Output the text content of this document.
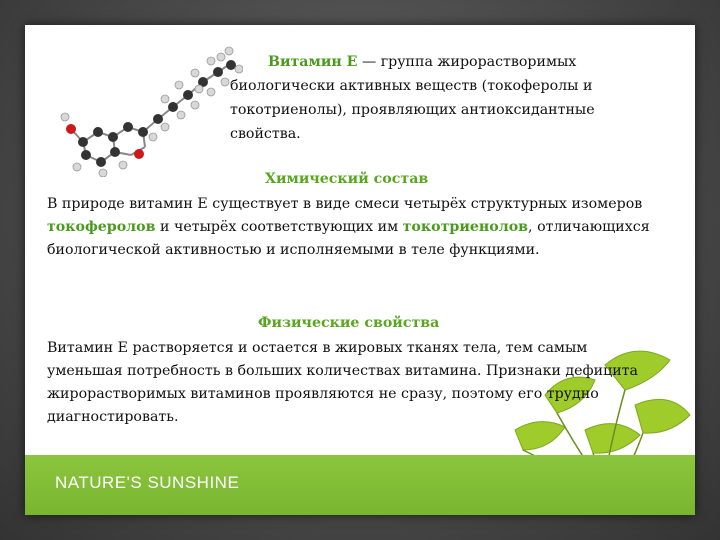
Витамин Е — группа жирорастворимых биологически активных веществ (токоферолы и токотриенолы), проявляющих антиоксидантные свойства.
Химический состав
В природе витамин E существует в виде смеси четырёх структурных изомеров токоферолов и четырёх соответствующих им токотриенолов, отличающихся биологической активностью и исполняемыми в теле функциями.
Физические свойства
Витамин Е растворяется и остается в жировых тканях тела, тем самым уменьшая потребность в больших количествах витамина. Признаки дефицита жирорастворимых витаминов проявляются не сразу, поэтому его трудно диагностировать.
NATURE'S SUNSHINE
